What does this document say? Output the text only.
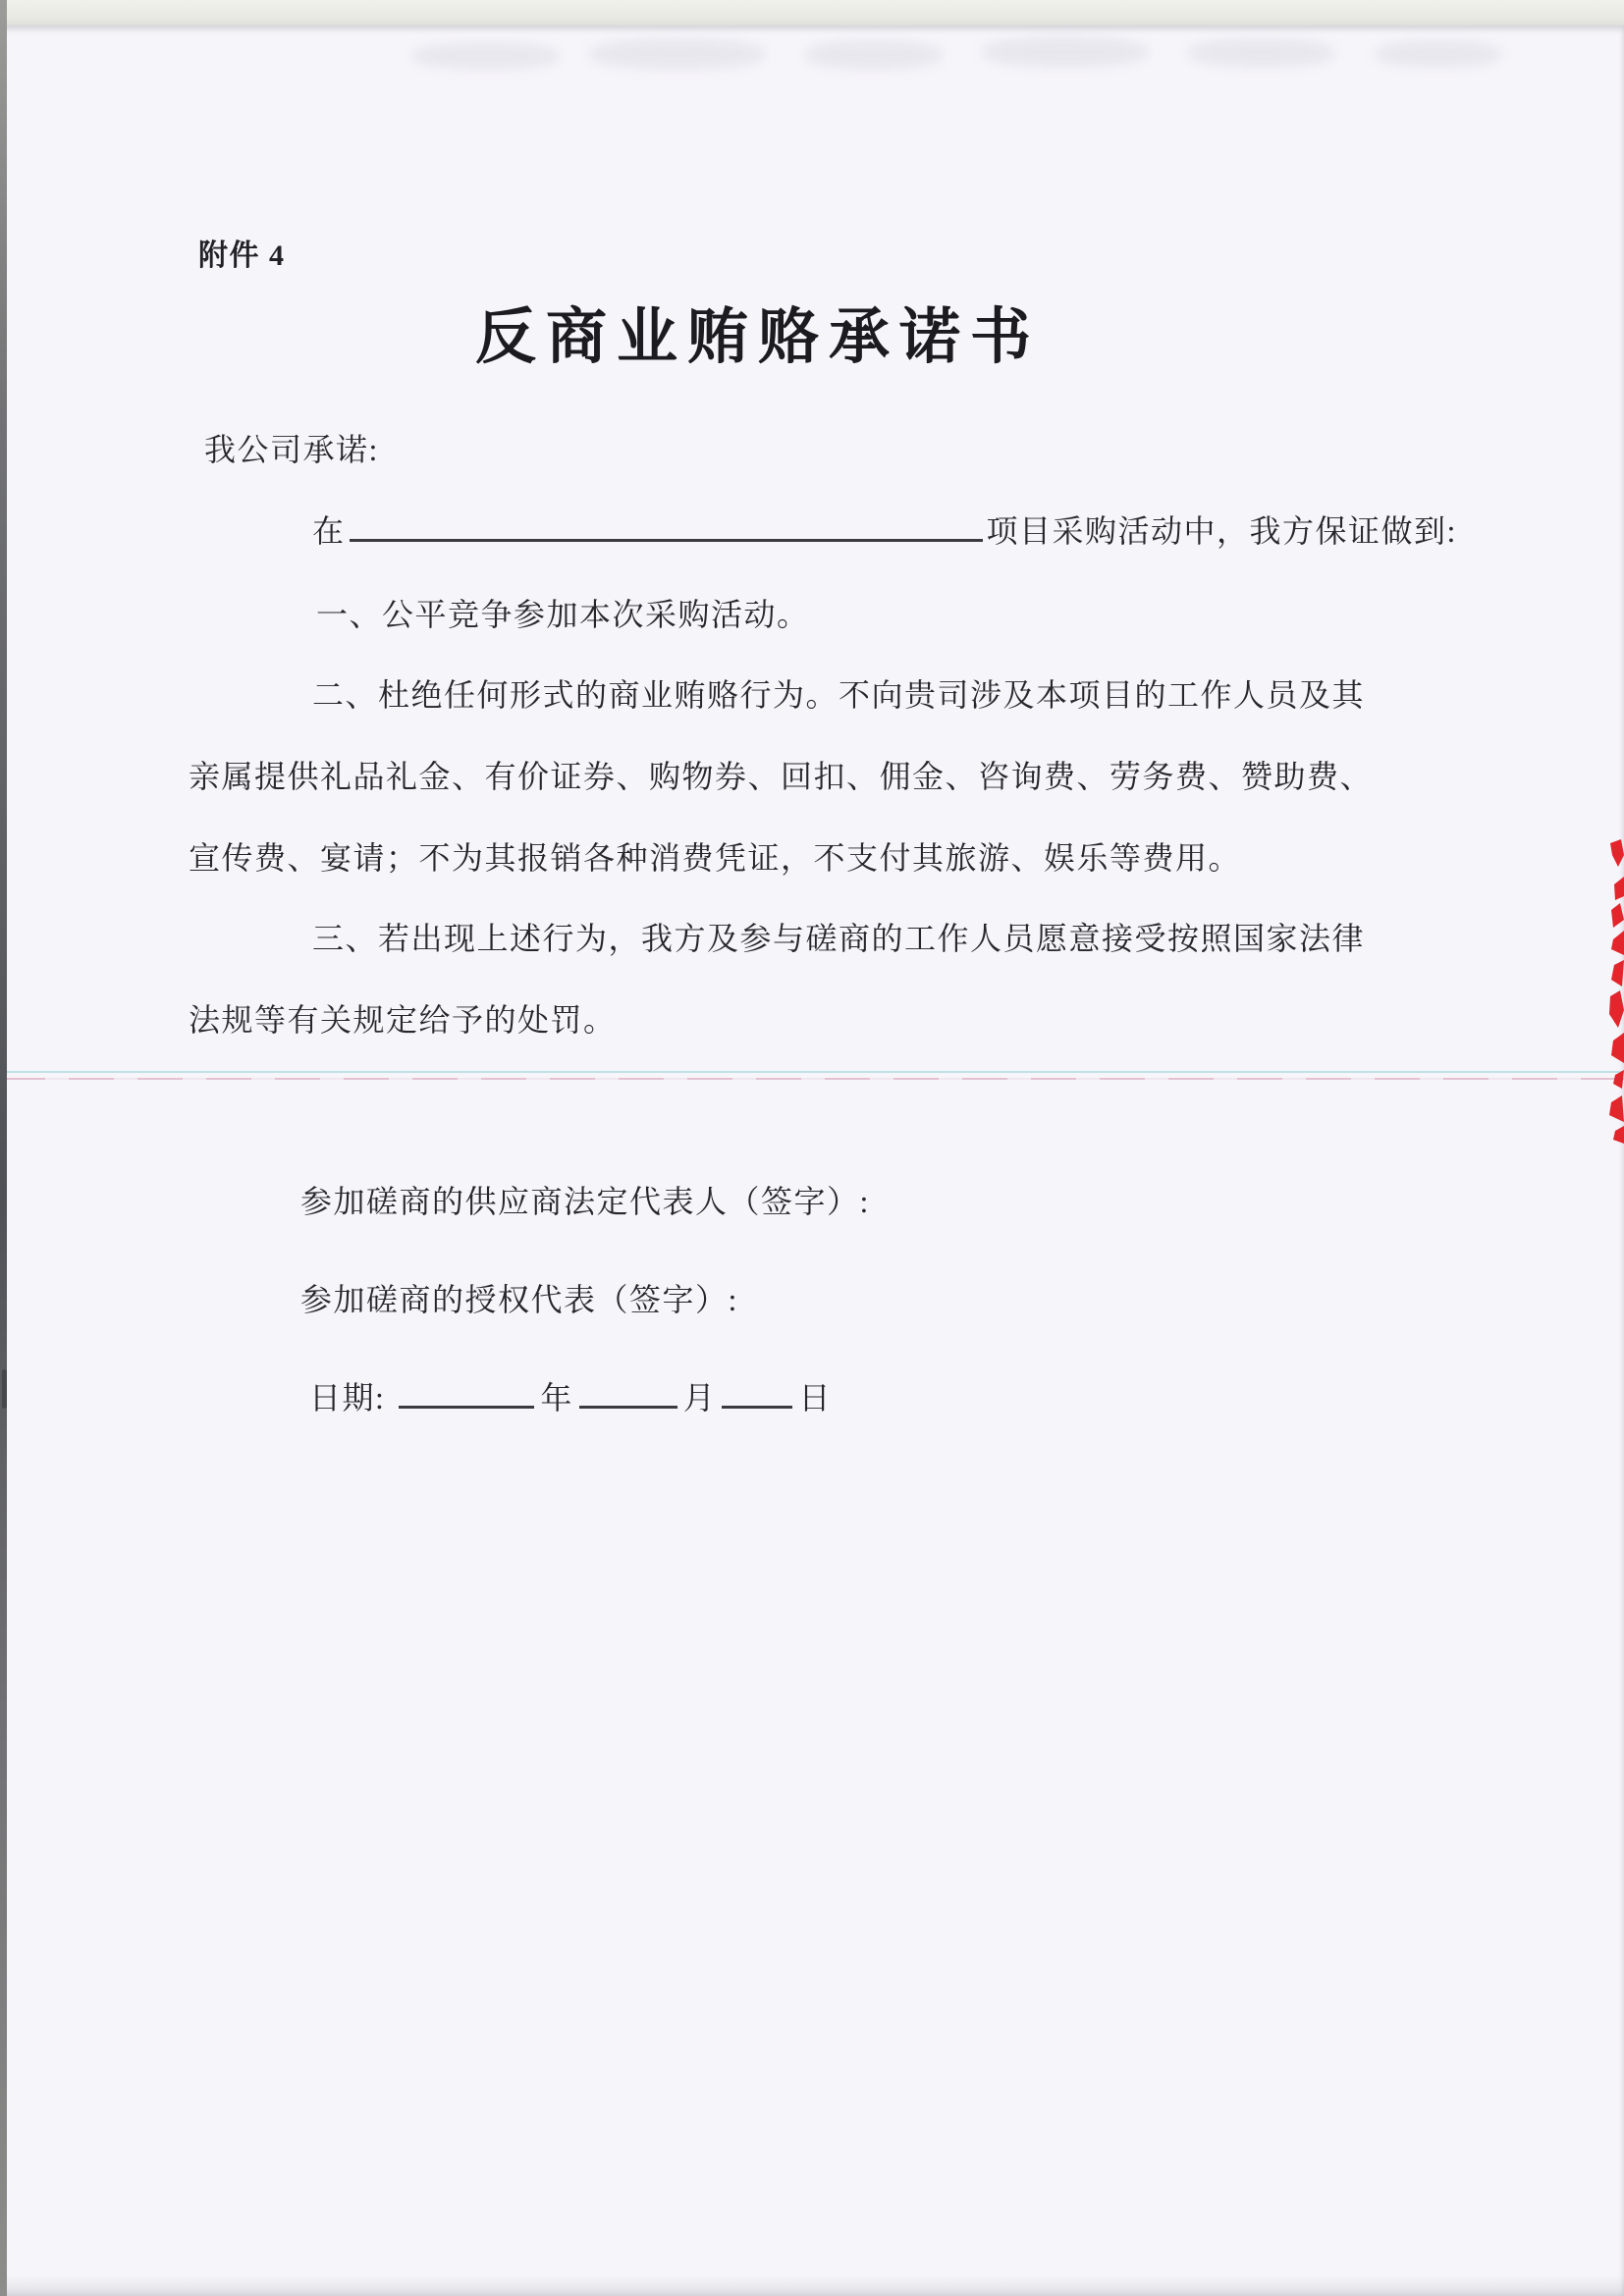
附件 4
反商业贿赂承诺书
我公司承诺:
在	项目采购活动中，我方保证做到:
一、公平竞争参加本次采购活动。
二、杜绝任何形式的商业贿赂行为。不向贵司涉及本项目的工作人员及其
亲属提供礼品礼金、有价证券、购物券、回扣、佣金、咨询费、劳务费、赞助费、
宣传费、宴请；不为其报销各种消费凭证，不支付其旅游、娱乐等费用。
三、若出现上述行为，我方及参与磋商的工作人员愿意接受按照国家法律
法规等有关规定给予的处罚。
参加磋商的供应商法定代表人（签字）:
参加磋商的授权代表（签字）:
日期:	年	月	日
